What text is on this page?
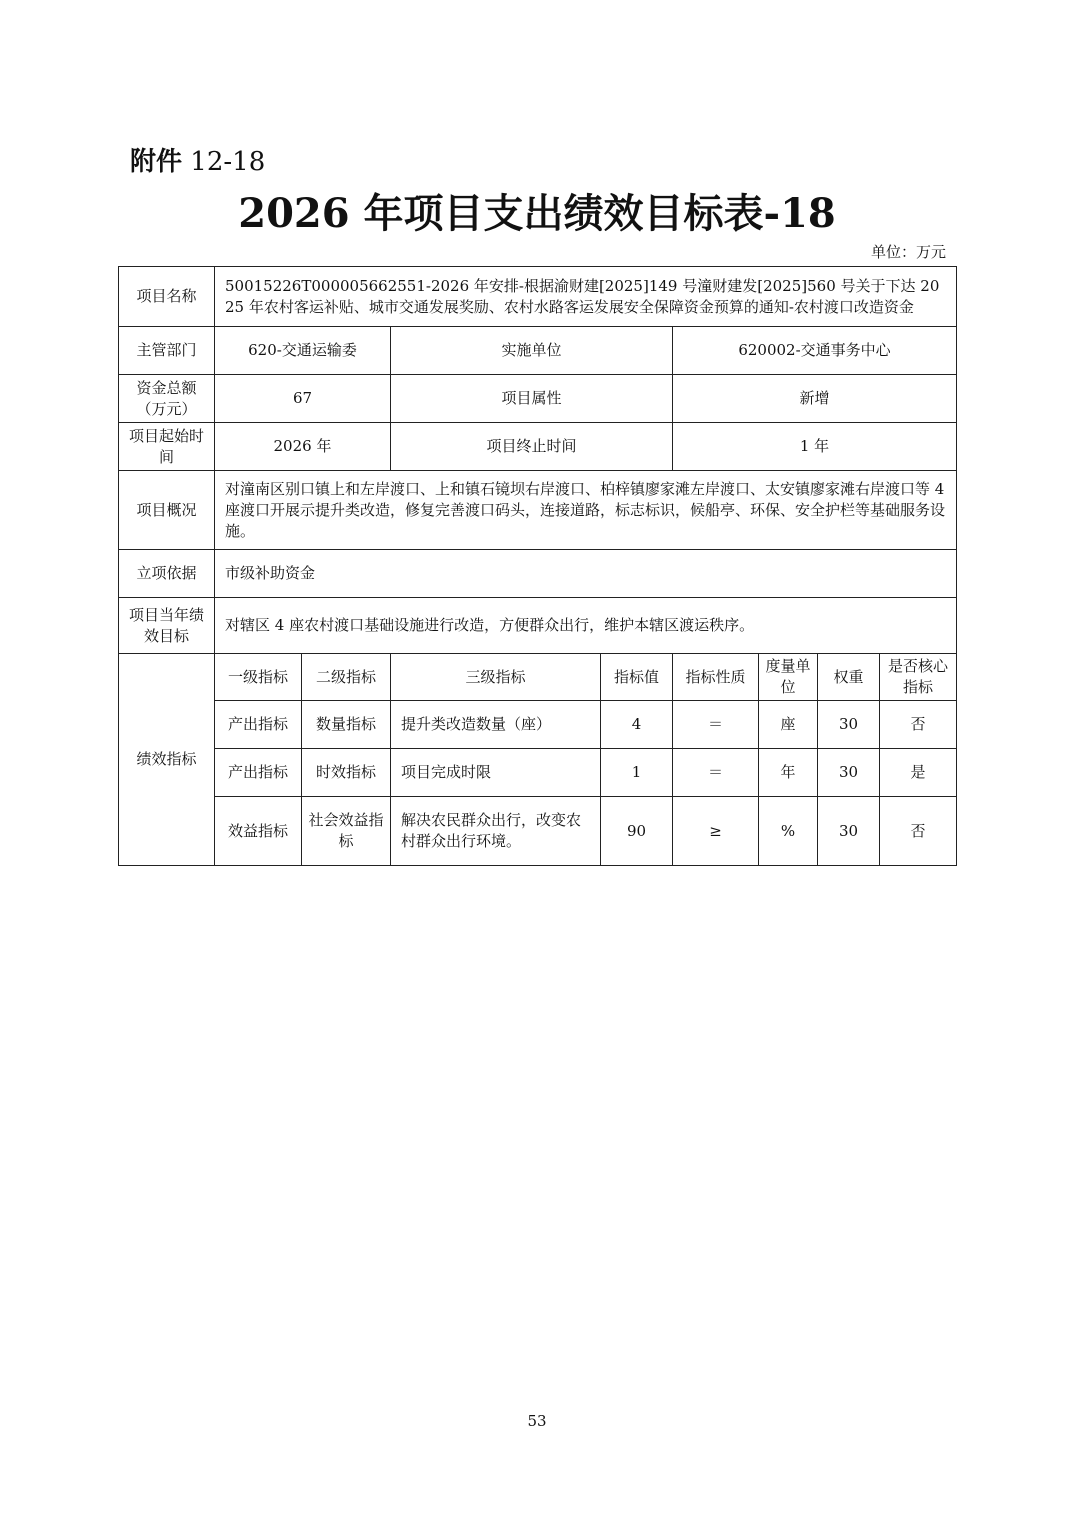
附件 12-18
2026 年项目支出绩效目标表-18
单位：万元
项目名称	50015226T000005662551-2026 年安排-根据渝财建[2025]149 号潼财建发[2025]560 号关于下达 2025 年农村客运补贴、城市交通发展奖励、农村水路客运发展安全保障资金预算的通知-农村渡口改造资金							
主管部门	620-交通运输委		实施单位		620002-交通事务中心			
资金总额（万元）	67		项目属性		新增			
项目起始时间	2026 年		项目终止时间		1 年			
项目概况	对潼南区别口镇上和左岸渡口、上和镇石镜坝右岸渡口、柏梓镇廖家滩左岸渡口、太安镇廖家滩右岸渡口等 4 座渡口开展示提升类改造，修复完善渡口码头，连接道路，标志标识，候船亭、环保、安全护栏等基础服务设施。							
立项依据	市级补助资金							
项目当年绩效目标	对辖区 4 座农村渡口基础设施进行改造，方便群众出行，维护本辖区渡运秩序。							
绩效指标	一级指标	二级指标	三级指标	指标值	指标性质	度量单位	权重	是否核心指标
	产出指标	数量指标	提升类改造数量（座）	4	＝	座	30	否
	产出指标	时效指标	项目完成时限	1	＝	年	30	是
	效益指标	社会效益指标	解决农民群众出行，改变农村群众出行环境。	90	≥	%	30	否
53
